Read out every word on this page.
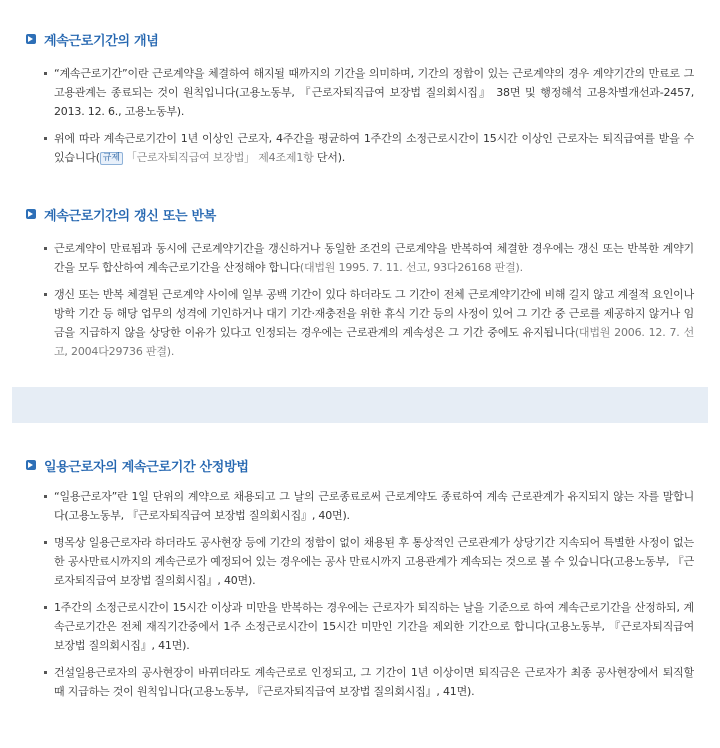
계속근로기간의 개념
“계속근로기간”이란 근로계약을 체결하여 해지될 때까지의 기간을 의미하며, 기간의 정함이 있는 근로계약의 경우 계약기간의 만료로 그 고용관계는 종료되는 것이 원칙입니다(고용노동부, 『근로자퇴직급여 보장법 질의회시집』 38면 및 행정해석 고용차별개선과-2457, 2013. 12. 6., 고용노동부).
위에 따라 계속근로기간이 1년 이상인 근로자, 4주간을 평균하여 1주간의 소정근로시간이 15시간 이상인 근로자는 퇴직급여를 받을 수 있습니다( 규제 「근로자퇴직급여 보장법」 제4조제1항 단서).
계속근로기간의 갱신 또는 반복
근로계약이 만료됨과 동시에 근로계약기간을 갱신하거나 동일한 조건의 근로계약을 반복하여 체결한 경우에는 갱신 또는 반복한 계약기간을 모두 합산하여 계속근로기간을 산정해야 합니다(대법원 1995. 7. 11. 선고, 93다26168 판결).
갱신 또는 반복 체결된 근로계약 사이에 일부 공백 기간이 있다 하더라도 그 기간이 전체 근로계약기간에 비해 길지 않고 계절적 요인이나 방학 기간 등 해당 업무의 성격에 기인하거나 대기 기간·재충전을 위한 휴식 기간 등의 사정이 있어 그 기간 중 근로를 제공하지 않거나 임금을 지급하지 않을 상당한 이유가 있다고 인정되는 경우에는 근로관계의 계속성은 그 기간 중에도 유지됩니다(대법원 2006. 12. 7. 선고, 2004다29736 판결).
일용근로자의 계속근로기간 산정방법
“일용근로자”란 1일 단위의 계약으로 채용되고 그 날의 근로종료로써 근로계약도 종료하여 계속 근로관계가 유지되지 않는 자를 말합니다(고용노동부, 『근로자퇴직급여 보장법 질의회시집』, 40면).
명목상 일용근로자라 하더라도 공사현장 등에 기간의 정함이 없이 채용된 후 통상적인 근로관계가 상당기간 지속되어 특별한 사정이 없는 한 공사만료시까지의 계속근로가 예정되어 있는 경우에는 공사 만료시까지 고용관계가 계속되는 것으로 볼 수 있습니다(고용노동부, 『근로자퇴직급여 보장법 질의회시집』, 40면).
1주간의 소정근로시간이 15시간 이상과 미만을 반복하는 경우에는 근로자가 퇴직하는 날을 기준으로 하여 계속근로기간을 산정하되, 계속근로기간은 전체 재직기간중에서 1주 소정근로시간이 15시간 미만인 기간을 제외한 기간으로 합니다(고용노동부, 『근로자퇴직급여 보장법 질의회시집』, 41면).
건설일용근로자의 공사현장이 바뀌더라도 계속근로로 인정되고, 그 기간이 1년 이상이면 퇴직금은 근로자가 최종 공사현장에서 퇴직할 때 지급하는 것이 원칙입니다(고용노동부, 『근로자퇴직급여 보장법 질의회시집』, 41면).
